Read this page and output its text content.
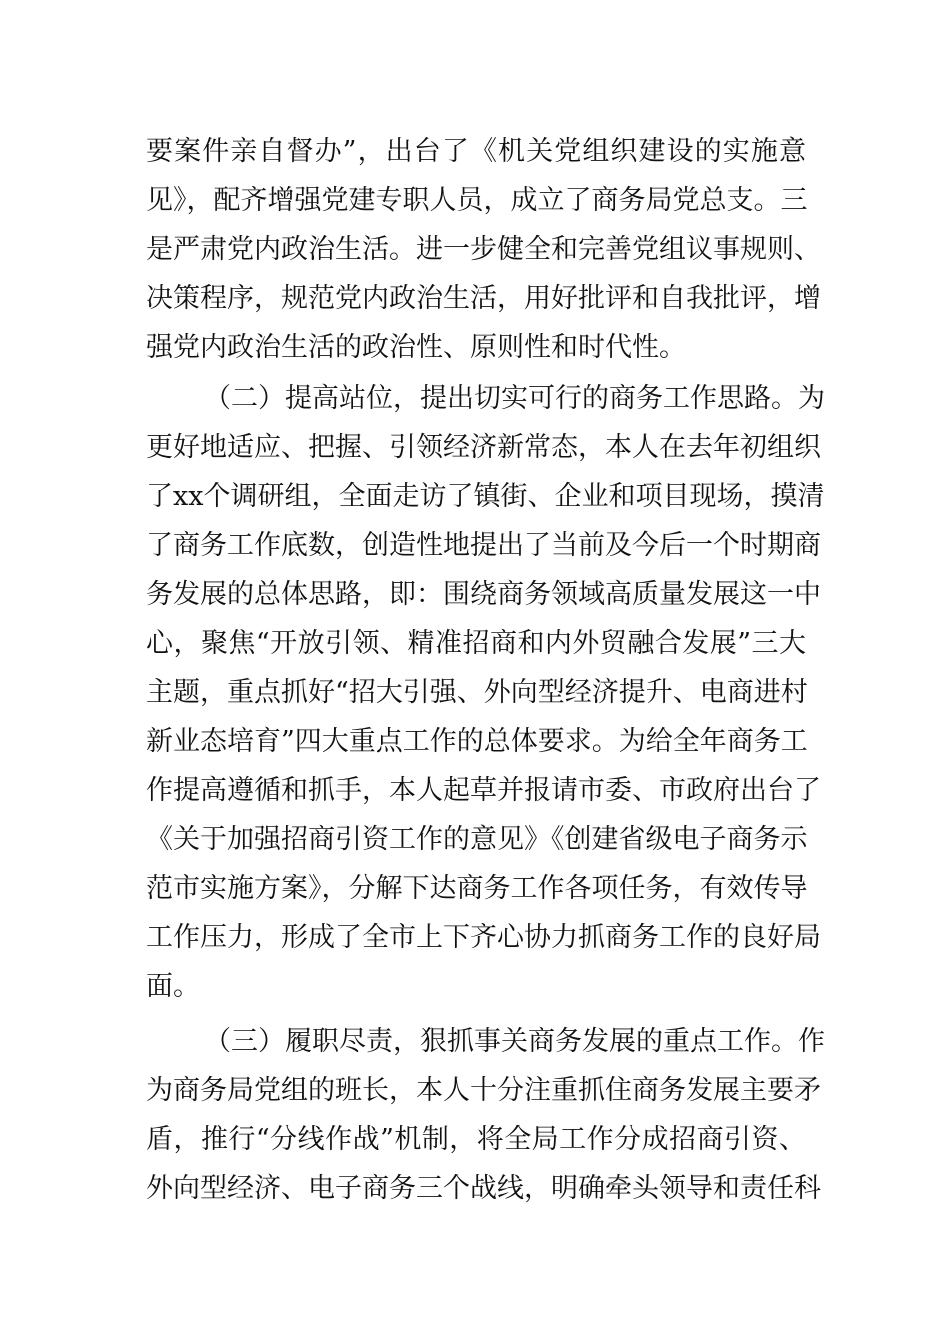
要案件亲自督办”，出台了《机关党组织建设的实施意
见》，配齐增强党建专职人员，成立了商务局党总支。三
是严肃党内政治生活。进一步健全和完善党组议事规则、
决策程序，规范党内政治生活，用好批评和自我批评，增
强党内政治生活的政治性、原则性和时代性。
（二）提高站位，提出切实可行的商务工作思路。为
更好地适应、把握、引领经济新常态，本人在去年初组织
了xx个调研组，全面走访了镇街、企业和项目现场，摸清
了商务工作底数，创造性地提出了当前及今后一个时期商
务发展的总体思路，即：围绕商务领域高质量发展这一中
心，聚焦“开放引领、精准招商和内外贸融合发展”三大
主题，重点抓好“招大引强、外向型经济提升、电商进村
新业态培育”四大重点工作的总体要求。为给全年商务工
作提高遵循和抓手，本人起草并报请市委、市政府出台了
《关于加强招商引资工作的意见》《创建省级电子商务示
范市实施方案》，分解下达商务工作各项任务，有效传导
工作压力，形成了全市上下齐心协力抓商务工作的良好局
面。
（三）履职尽责，狠抓事关商务发展的重点工作。作
为商务局党组的班长，本人十分注重抓住商务发展主要矛
盾，推行“分线作战”机制，将全局工作分成招商引资、
外向型经济、电子商务三个战线，明确牵头领导和责任科
